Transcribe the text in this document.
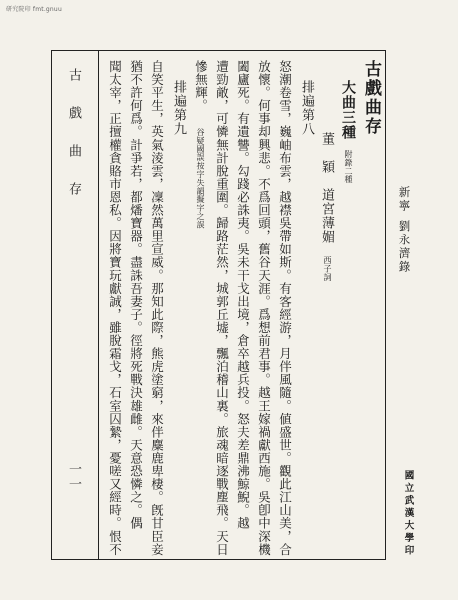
研究院印 fmt.gnuu
新寧
劉永濟錄
古戲曲存
大曲三種
附錄二種
董　穎　道宮薄媚
西子詞
排遍第八
怒潮卷雪，巍岫布雲，越襟吳帶如斯。有客經游，月伴風隨。値盛世。觀此江山美，合
放懷。何事却興悲。不爲回頭，舊谷天涯。爲想前君事。越王嫁禍獻西施。吳卽中深機
闔廬死。有遺讐。勾踐必誅夷。吳未干戈出境，倉卒越兵投。怒夫差鼎沸鯨鯢。越
遭勁敵，可憐無計脫重圍。歸路茫然，城郭丘墟，飄泊稽山裏。旅魂暗逐戰塵飛。天日
慘無輝。
谷疑國誤按字失韻擬字之誤
排遍第九
自笑平生，英氣淩雲，凜然萬里宣威。那知此際，熊虎塗窮，來伴麋鹿卑棲。旣甘臣妾
猶不許何爲。計爭若，都燔寶器。盡誅吾妻子。徑將死戰決雄雌。天意恐憐之。偶
聞太宰，正擅權貪賂市恩私。因將寶玩獻誠，雖脫霜戈，石室囚縶，憂嗟又經時。恨不
古　戲　曲　存
一一	國立武漢大學印
